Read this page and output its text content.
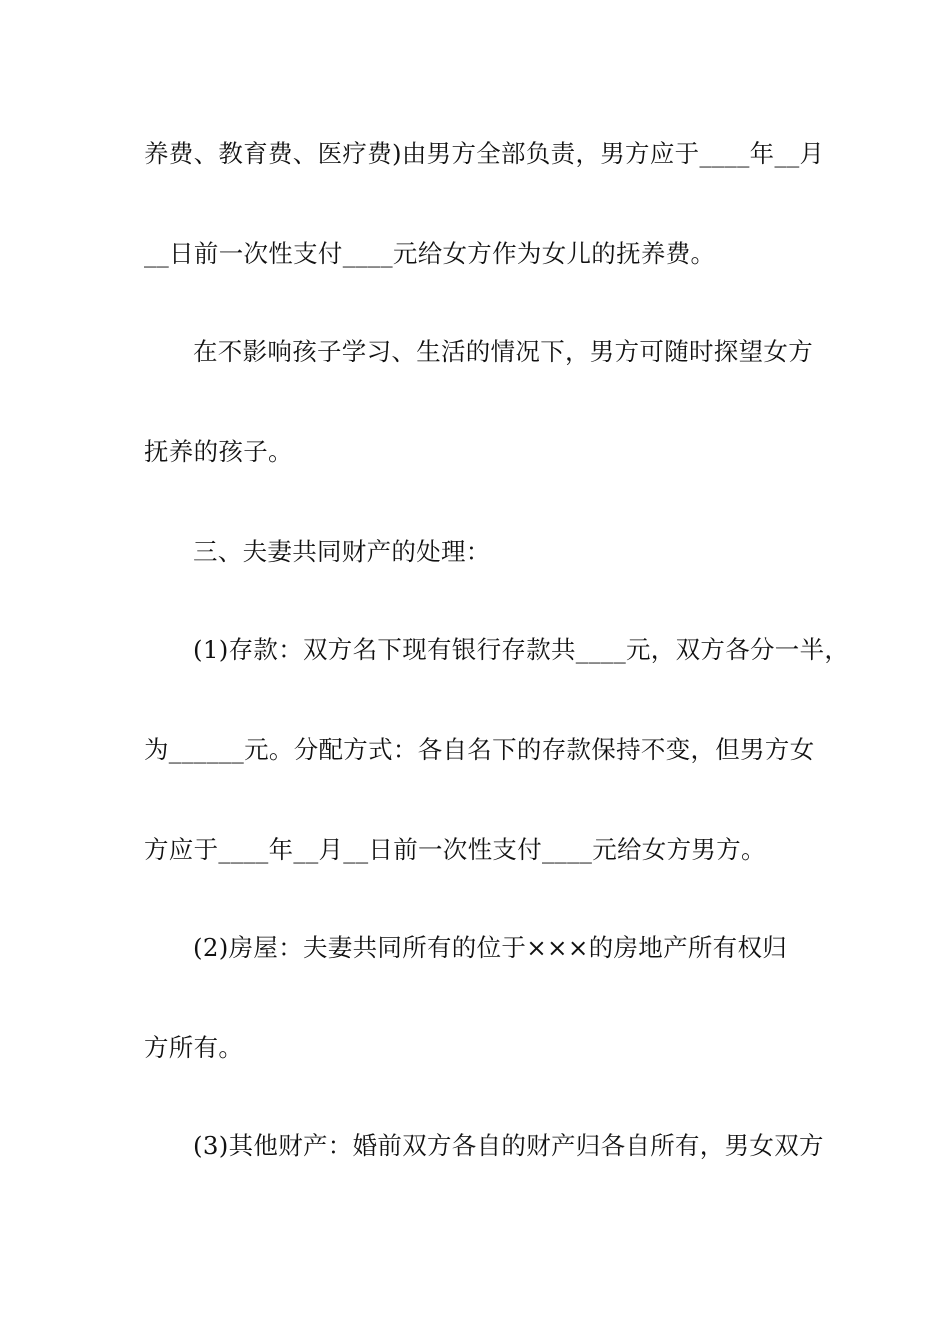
养费、教育费、医疗费)由男方全部负责，男方应于____年__月
__日前一次性支付____元给女方作为女儿的抚养费。
在不影响孩子学习、生活的情况下，男方可随时探望女方
抚养的孩子。
三、夫妻共同财产的处理：
(1)存款：双方名下现有银行存款共____元，双方各分一半，
为______元。分配方式：各自名下的存款保持不变，但男方女
方应于____年__月__日前一次性支付____元给女方男方。
(2)房屋：夫妻共同所有的位于×××的房地产所有权归
方所有。
(3)其他财产：婚前双方各自的财产归各自所有，男女双方
